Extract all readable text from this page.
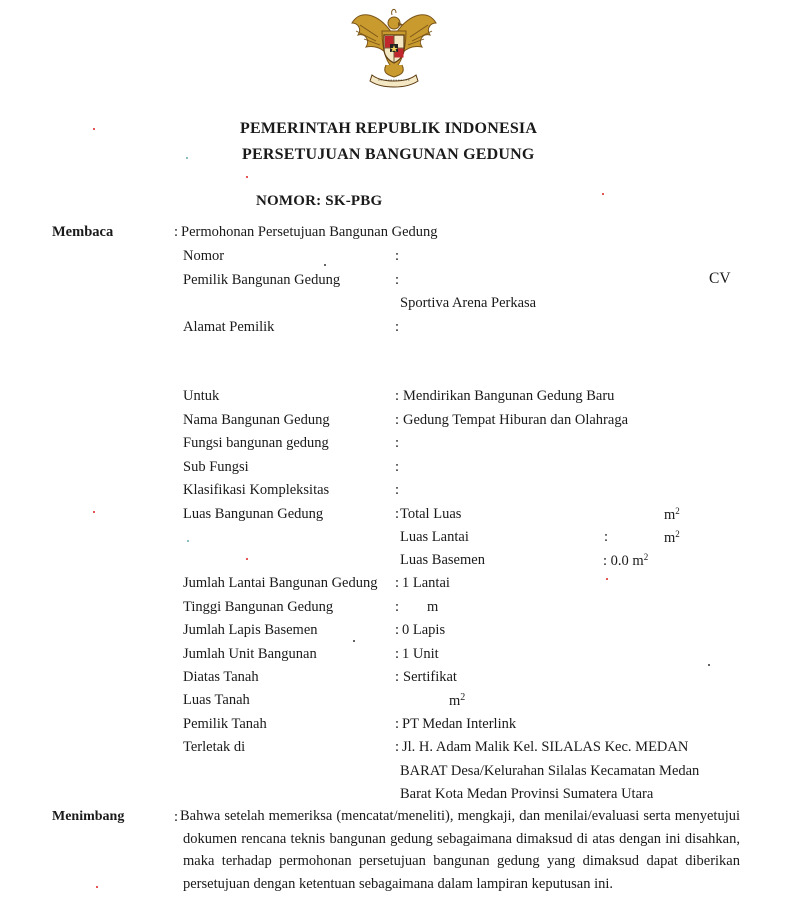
PEMERINTAH REPUBLIK INDONESIA
PERSETUJUAN BANGUNAN GEDUNG
NOMOR: SK-PBG
Membaca	: Permohonan Persetujuan Bangunan Gedung
Nomor	:
Pemilik Bangunan Gedung	:	CV
Sportiva Arena Perkasa
Alamat Pemilik	:
Untuk	: Mendirikan Bangunan Gedung Baru
Nama Bangunan Gedung	: Gedung Tempat Hiburan dan Olahraga
Fungsi bangunan gedung	:
Sub Fungsi	:
Klasifikasi Kompleksitas	:
Luas Bangunan Gedung	: Total Luas	$m^2$
Luas Lantai	:	$m^2$
Luas Basemen	: 0.0 $m^2$
Jumlah Lantai Bangunan Gedung : 1 Lantai
Tinggi Bangunan Gedung	: m
Jumlah Lapis Basemen	: 0 Lapis
Jumlah Unit Bangunan	: 1 Unit
Diatas Tanah	: Sertifikat
Luas Tanah	$m^2$
Pemilik Tanah	: PT Medan Interlink
Terletak di	: Jl. H. Adam Malik Kel. SILALAS Kec. MEDAN
BARAT Desa/Kelurahan Silalas Kecamatan Medan
Barat Kota Medan Provinsi Sumatera Utara
Menimbang	: Bahwa setelah memeriksa (mencatat/meneliti), mengkaji, dan menilai/evaluasi serta menyetujui dokumen rencana teknis bangunan gedung sebagaimana dimaksud di atas dengan ini disahkan, maka terhadap permohonan persetujuan bangunan gedung yang dimaksud dapat diberikan persetujuan dengan ketentuan sebagaimana dalam lampiran keputusan ini.
